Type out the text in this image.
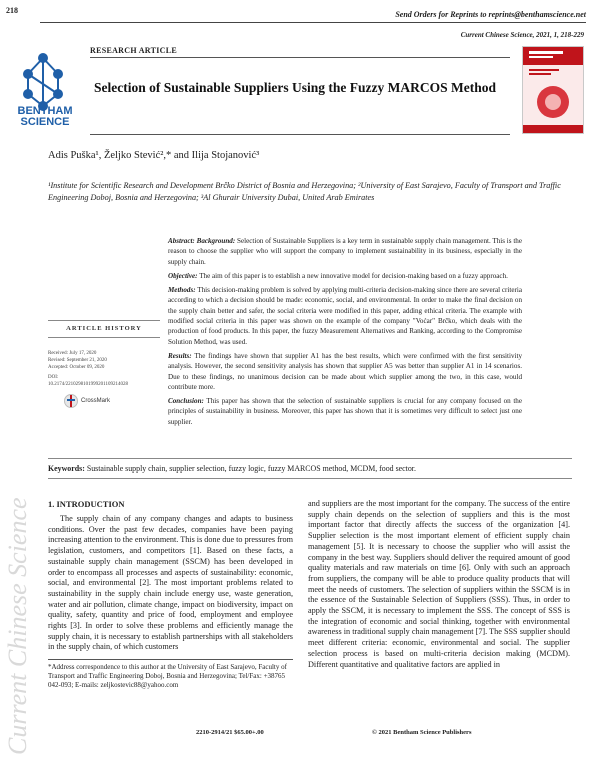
218	Send Orders for Reprints to reprints@benthamscience.net
Current Chinese Science, 2021, 1, 218-229
BENTHAM
SCIENCE
RESEARCH ARTICLE
Selection of Sustainable Suppliers Using the Fuzzy MARCOS Method
Adis Puška¹, Željko Stević²,* and Ilija Stojanović³
¹Institute for Scientific Research and Development Brčko District of Bosnia and Herzegovina; ²University of East Sarajevo, Faculty of Transport and Traffic Engineering Doboj, Bosnia and Herzegovina; ³Al Ghurair University Dubai, United Arab Emirates
Current Chinese Science
ARTICLE HISTORY
Received: July 17, 2020
Revised: September 21, 2020
Accepted: October 09, 2020
DOI:
10.2174/2210298101999201109214028
CrossMark

Abstract: Background: Selection of Sustainable Suppliers is a key term in sustainable supply chain management. This is the reason to choose the supplier who will support the company to implement sustainability in its business, especially in the supply chain.

Objective: The aim of this paper is to establish a new innovative model for decision-making based on a fuzzy approach.

Methods: This decision-making problem is solved by applying multi-criteria decision-making since there are several criteria according to which a decision should be made: economic, social, and environmental. In order to make the final decision on the supply chain better and safer, the social criteria were modified in this paper, adding ethical criteria. The example with modified social criteria in this paper was shown on the example of the company "Voćar" Brčko, which deals with the production of food products. In this paper, the fuzzy Measurement Alternatives and Ranking, according to the Compromise Solution Method, was used.

Results: The findings have shown that supplier A1 has the best results, which were confirmed with the first sensitivity analysis. However, the second sensitivity analysis has shown that supplier A5 was better than supplier A1 in 14 scenarios. Due to these findings, no unanimous decision can be made about which supplier among the two, in this case, would contribute more.

Conclusion: This paper has shown that the selection of sustainable suppliers is crucial for any company focused on the principles of sustainability in business. Moreover, this paper has shown that it is sometimes very difficult to select just one supplier.

Keywords: Sustainable supply chain, supplier selection, fuzzy logic, fuzzy MARCOS method, MCDM, food sector.
1. INTRODUCTION
The supply chain of any company changes and adapts to business conditions. Over the past few decades, companies have been paying increasing attention to the environment. This is done due to pressures from legislation, customers, and competitors [1]. Based on these facts, a sustainable supply chain management (SSCM) has been developed in order to encompass all processes and aspects of sustainability: economic, social, and environmental [2]. The most important problems related to sustainability in the supply chain include energy use, waste generation, water and air pollution, climate change, impact on biodiversity, impact on quality, safety, quantity and price of food, employment and employee rights [3]. In order to solve these problems and efficiently manage the supply chain, it is necessary to establish partnerships with all stakeholders in the supply chain, of which customers
and suppliers are the most important for the company. The success of the entire supply chain depends on the selection of suppliers and this is the most important factor that directly affects the success of the organization [4]. Supplier selection is the most important element of efficient supply chain management [5]. It is necessary to choose the supplier who will assist the company in the best way. Suppliers should deliver the required amount of good quality materials and raw materials on time [6]. Only with such an approach from suppliers, the company will be able to produce quality products that will meet the needs of customers. The selection of suppliers within the SSCM is in the essence of the Sustainable Selection of Suppliers (SSS). Thus, in order to apply the SSCM, it is necessary to implement the SSS. The concept of SSS is the integration of economic and social thinking, together with environmental awareness in traditional supply chain management [7]. The SSS supplier should meet different criteria: economic, environmental and social. The supplier selection process is based on multi-criteria decision making (MCDM). Different quantitative and qualitative factors are applied in
*Address correspondence to this author at the University of East Sarajevo, Faculty of Transport and Traffic Engineering Doboj, Bosnia and Herzegovina; Tel/Fax: +38765 042-093; E-mails: zeljkostevic88@yahoo.com
2210-2914/21 $65.00+.00	© 2021 Bentham Science Publishers
